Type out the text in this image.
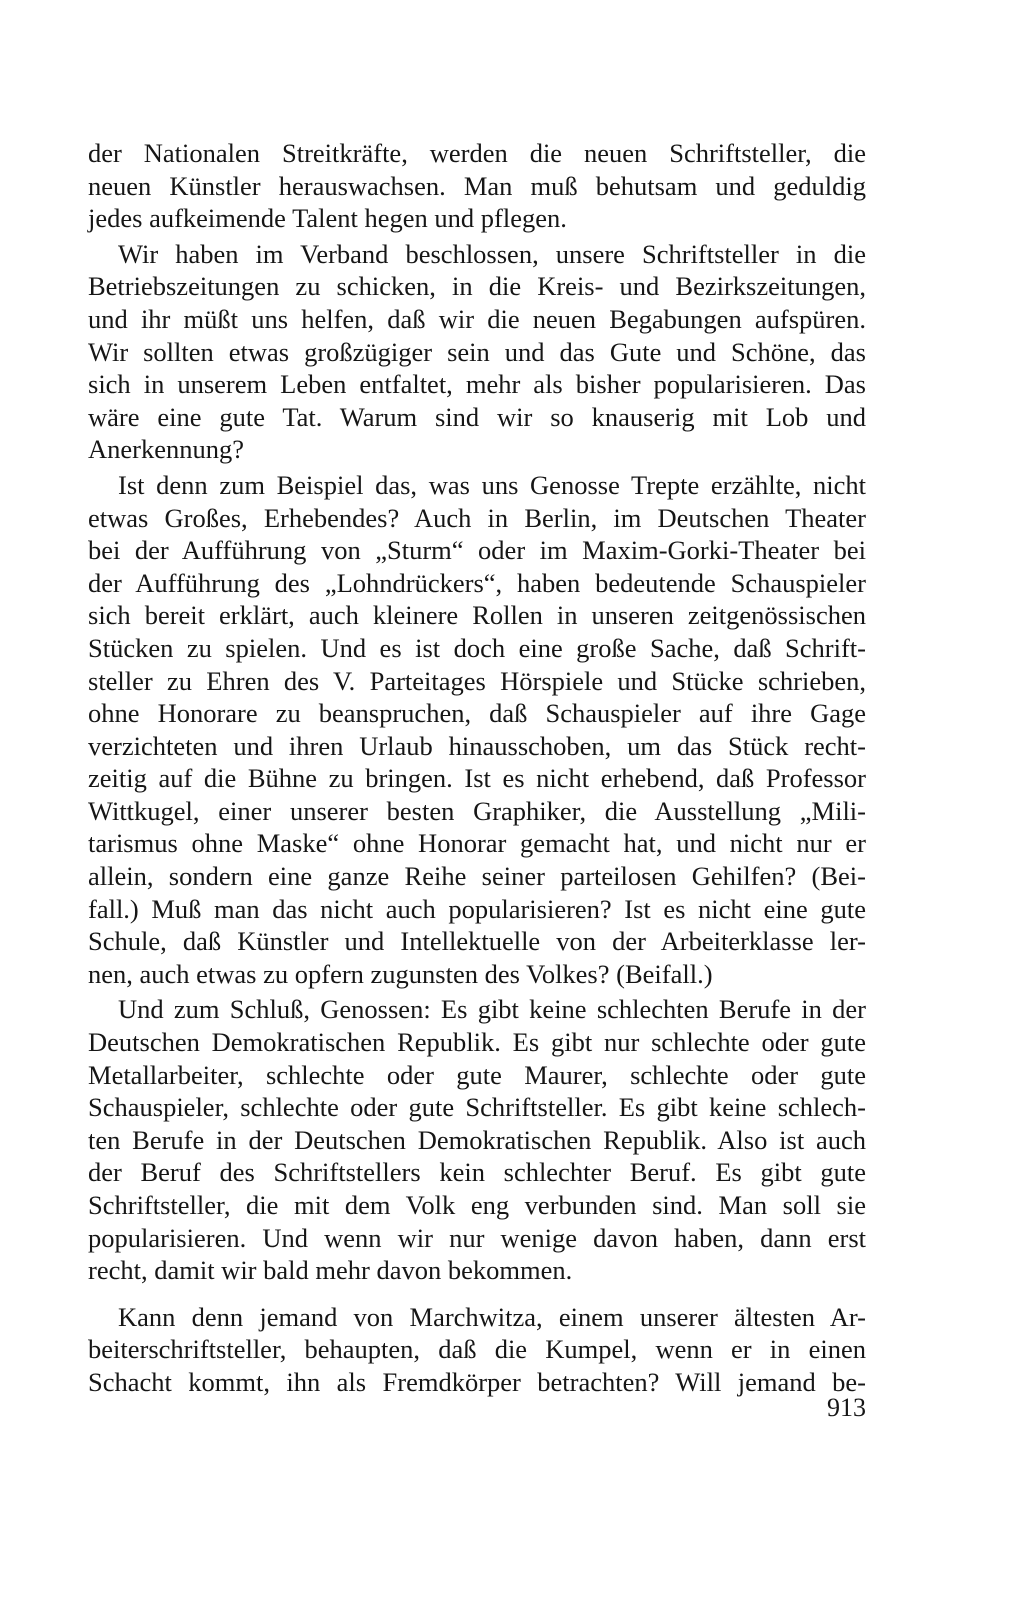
der Nationalen Streitkräfte, werden die neuen Schriftsteller, die
neuen Künstler herauswachsen. Man muß behutsam und geduldig
jedes aufkeimende Talent hegen und pflegen.
Wir haben im Verband beschlossen, unsere Schriftsteller in die
Betriebszeitungen zu schicken, in die Kreis- und Bezirkszeitungen,
und ihr müßt uns helfen, daß wir die neuen Begabungen aufspüren.
Wir sollten etwas großzügiger sein und das Gute und Schöne, das
sich in unserem Leben entfaltet, mehr als bisher popularisieren. Das
wäre eine gute Tat. Warum sind wir so knauserig mit Lob und
Anerkennung?
Ist denn zum Beispiel das, was uns Genosse Trepte erzählte, nicht
etwas Großes, Erhebendes? Auch in Berlin, im Deutschen Theater
bei der Aufführung von „Sturm“ oder im Maxim-Gorki-Theater bei
der Aufführung des „Lohndrückers“, haben bedeutende Schauspieler
sich bereit erklärt, auch kleinere Rollen in unseren zeitgenössischen
Stücken zu spielen. Und es ist doch eine große Sache, daß Schrift-
steller zu Ehren des V. Parteitages Hörspiele und Stücke schrieben,
ohne Honorare zu beanspruchen, daß Schauspieler auf ihre Gage
verzichteten und ihren Urlaub hinausschoben, um das Stück recht-
zeitig auf die Bühne zu bringen. Ist es nicht erhebend, daß Professor
Wittkugel, einer unserer besten Graphiker, die Ausstellung „Mili-
tarismus ohne Maske“ ohne Honorar gemacht hat, und nicht nur er
allein, sondern eine ganze Reihe seiner parteilosen Gehilfen? (Bei-
fall.) Muß man das nicht auch popularisieren? Ist es nicht eine gute
Schule, daß Künstler und Intellektuelle von der Arbeiterklasse ler-
nen, auch etwas zu opfern zugunsten des Volkes? (Beifall.)
Und zum Schluß, Genossen: Es gibt keine schlechten Berufe in der
Deutschen Demokratischen Republik. Es gibt nur schlechte oder gute
Metallarbeiter, schlechte oder gute Maurer, schlechte oder gute
Schauspieler, schlechte oder gute Schriftsteller. Es gibt keine schlech-
ten Berufe in der Deutschen Demokratischen Republik. Also ist auch
der Beruf des Schriftstellers kein schlechter Beruf. Es gibt gute
Schriftsteller, die mit dem Volk eng verbunden sind. Man soll sie
popularisieren. Und wenn wir nur wenige davon haben, dann erst
recht, damit wir bald mehr davon bekommen.
Kann denn jemand von Marchwitza, einem unserer ältesten Ar-
beiterschriftsteller, behaupten, daß die Kumpel, wenn er in einen
Schacht kommt, ihn als Fremdkörper betrachten? Will jemand be-
913
